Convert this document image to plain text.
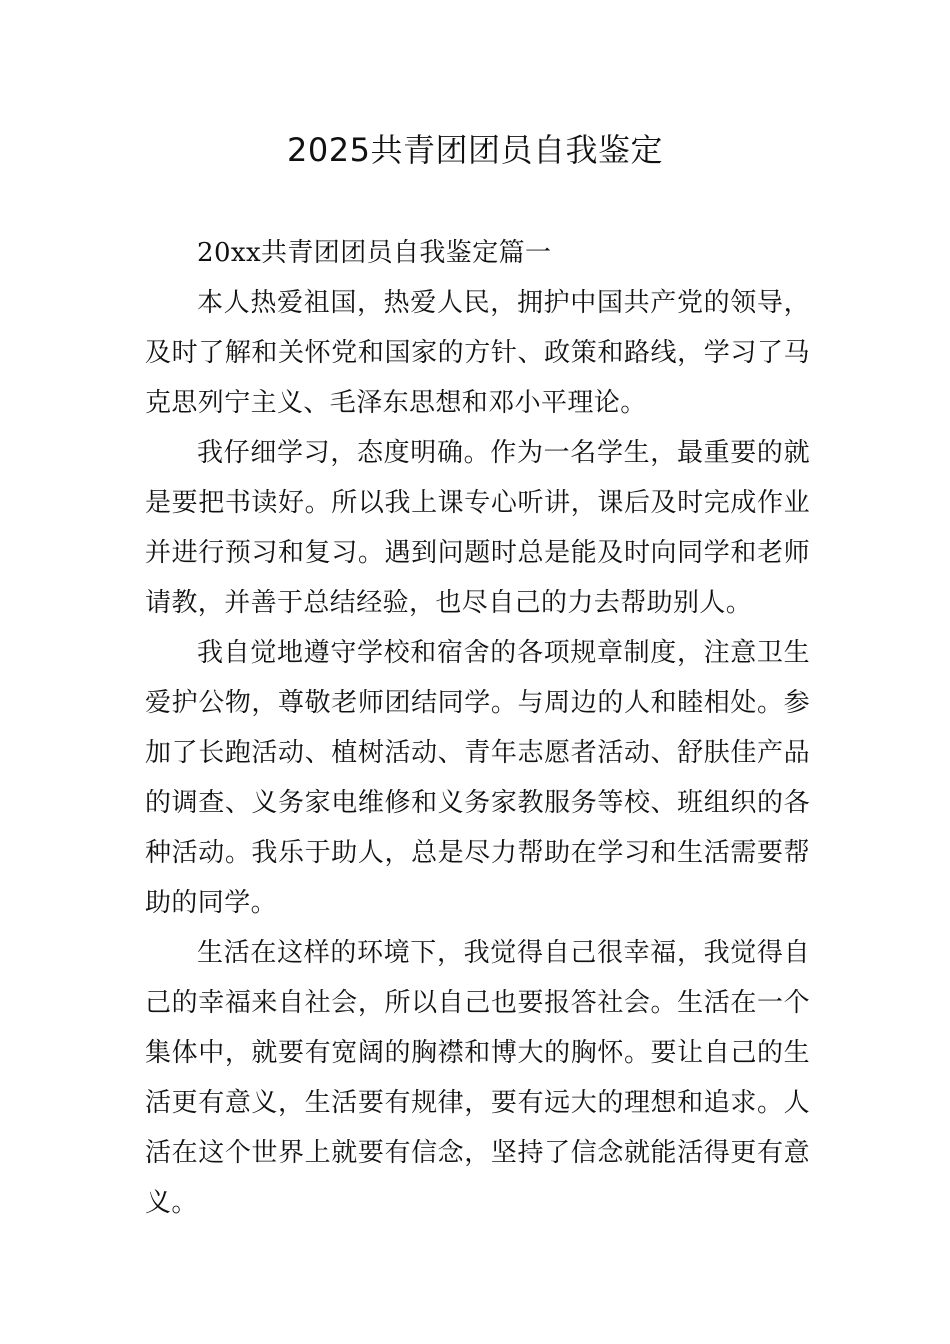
2025共青团团员自我鉴定

20xx共青团团员自我鉴定篇一

本人热爱祖国，热爱人民，拥护中国共产党的领导，及时了解和关怀党和国家的方针、政策和路线，学习了马克思列宁主义、毛泽东思想和邓小平理论。

我仔细学习，态度明确。作为一名学生，最重要的就是要把书读好。所以我上课专心听讲，课后及时完成作业并进行预习和复习。遇到问题时总是能及时向同学和老师请教，并善于总结经验，也尽自己的力去帮助别人。

我自觉地遵守学校和宿舍的各项规章制度，注意卫生爱护公物，尊敬老师团结同学。与周边的人和睦相处。参加了长跑活动、植树活动、青年志愿者活动、舒肤佳产品的调查、义务家电维修和义务家教服务等校、班组织的各种活动。我乐于助人，总是尽力帮助在学习和生活需要帮助的同学。

生活在这样的环境下，我觉得自己很幸福，我觉得自己的幸福来自社会，所以自己也要报答社会。生活在一个集体中，就要有宽阔的胸襟和博大的胸怀。要让自己的生活更有意义，生活要有规律，要有远大的理想和追求。人活在这个世界上就要有信念，坚持了信念就能活得更有意义。
